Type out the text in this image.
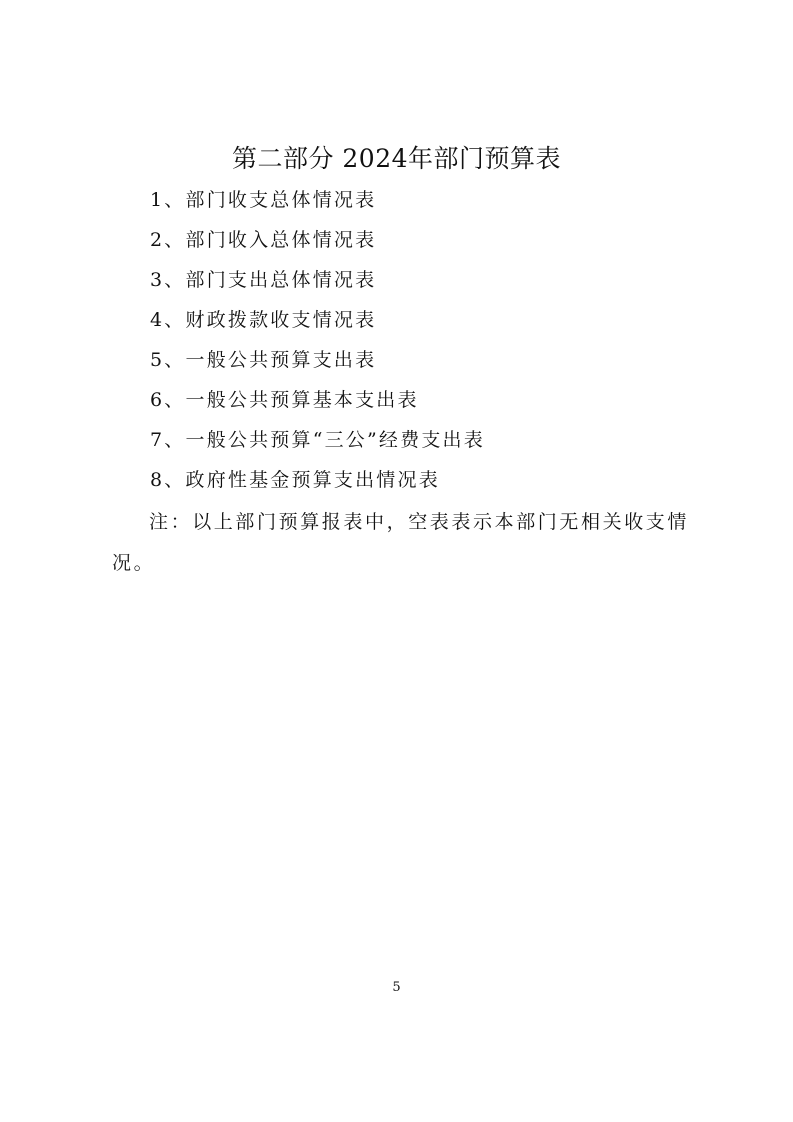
第二部分 2024年部门预算表
1、部门收支总体情况表
2、部门收入总体情况表
3、部门支出总体情况表
4、财政拨款收支情况表
5、一般公共预算支出表
6、一般公共预算基本支出表
7、一般公共预算“三公”经费支出表
8、政府性基金预算支出情况表

注：以上部门预算报表中，空表表示本部门无相关收支情况。

5
